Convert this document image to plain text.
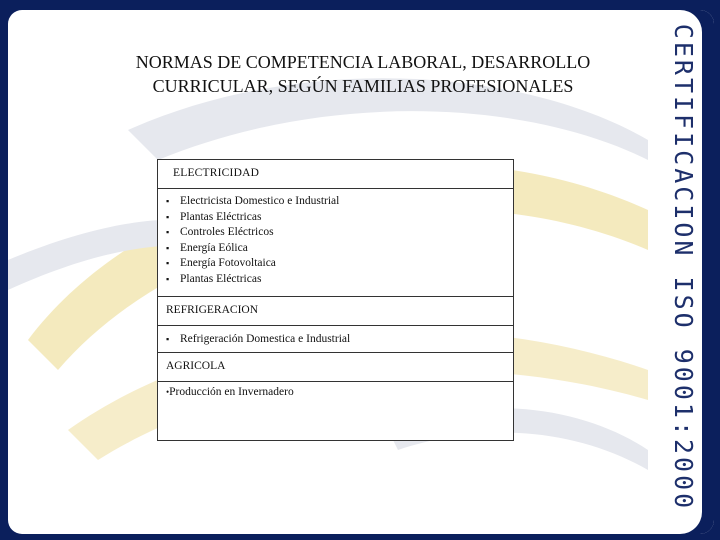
CERTIFICACION ISO 9001:2000
NORMAS DE COMPETENCIA LABORAL, DESARROLLO CURRICULAR, SEGÚN FAMILIAS PROFESIONALES
ELECTRICIDAD
▪ Electricista Domestico e Industrial
▪ Plantas Eléctricas
▪ Controles Eléctricos
▪ Energía Eólica
▪ Energía Fotovoltaica
▪ Plantas Eléctricas
REFRIGERACION
▪ Refrigeración Domestica e Industrial
AGRICOLA
•Producción en Invernadero
